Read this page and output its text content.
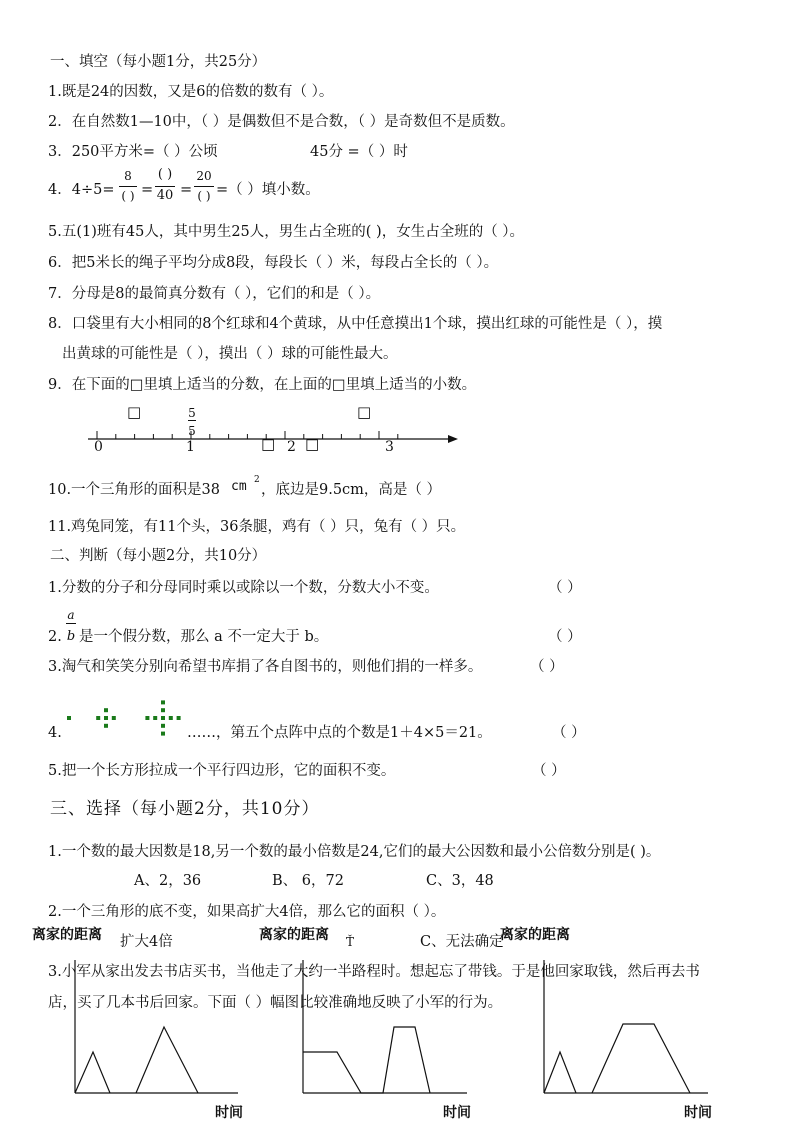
一、填空（每小题1分，共25分）
1.既是24的因数，又是6的倍数的数有（ ）。
2．在自然数1—10中，（ ）是偶数但不是合数，（ ）是奇数但不是质数。
3．250平方米=（ ）公顷	45分 =（ ）时
4．4÷5=
8
( ) =
( )
40 =
20
( ) =（ ）填小数。
5.五(1)班有45人，其中男生25人，男生占全班的( )，女生占全班的（ ）。
6．把5米长的绳子平均分成8段，每段长（ ）米，每段占全长的（ ）。
7．分母是8的最简真分数有（ ），它们的和是（ ）。
8．口袋里有大小相同的8个红球和4个黄球，从中任意摸出1个球，摸出红球的可能性是（ ），摸
出黄球的可能性是（ ），摸出（ ）球的可能性最大。
9．在下面的□里填上适当的分数，在上面的□里填上适当的小数。
□	5
5
□
0	1	□ 2 □	3
10.一个三角形的面积是38 cm 2
，底边是9.5cm，高是（ ）
11.鸡兔同笼，有11个头，36条腿，鸡有（ ）只，兔有（ ）只。
二、判断（每小题2分，共10分）
1.分数的分子和分母同时乘以或除以一个数，分数大小不变。	（ ）
a
2. b 是一个假分数，那么 a 不一定大于 b。	（ ）
3.淘气和笑笑分别向希望书库捐了各自图书的，则他们捐的一样多。	（ ）
4.	……，第五个点阵中点的个数是1＋4×5＝21。	（ ）
5.把一个长方形拉成一个平行四边形，它的面积不变。	（ ）
三、选择（每小题2分，共10分）
1.一个数的最大因数是18,另一个数的最小倍数是24,它们的最大公因数和最小公倍数分别是( )。
A、2，36	B、 6，72	C、3，48
2.一个三角形的底不变，如果高扩大4倍，那么它的面积（ ）。
扩大4倍	Ť	C、无法确定
离家的距离	离家的距离	离家的距离
3.小军从家出发去书店买书，当他走了大约一半路程时。想起忘了带钱。于是他回家取钱，然后再去书
店，买了几本书后回家。下面（ ）幅图比较准确地反映了小军的行为。
时间	时间	时间
